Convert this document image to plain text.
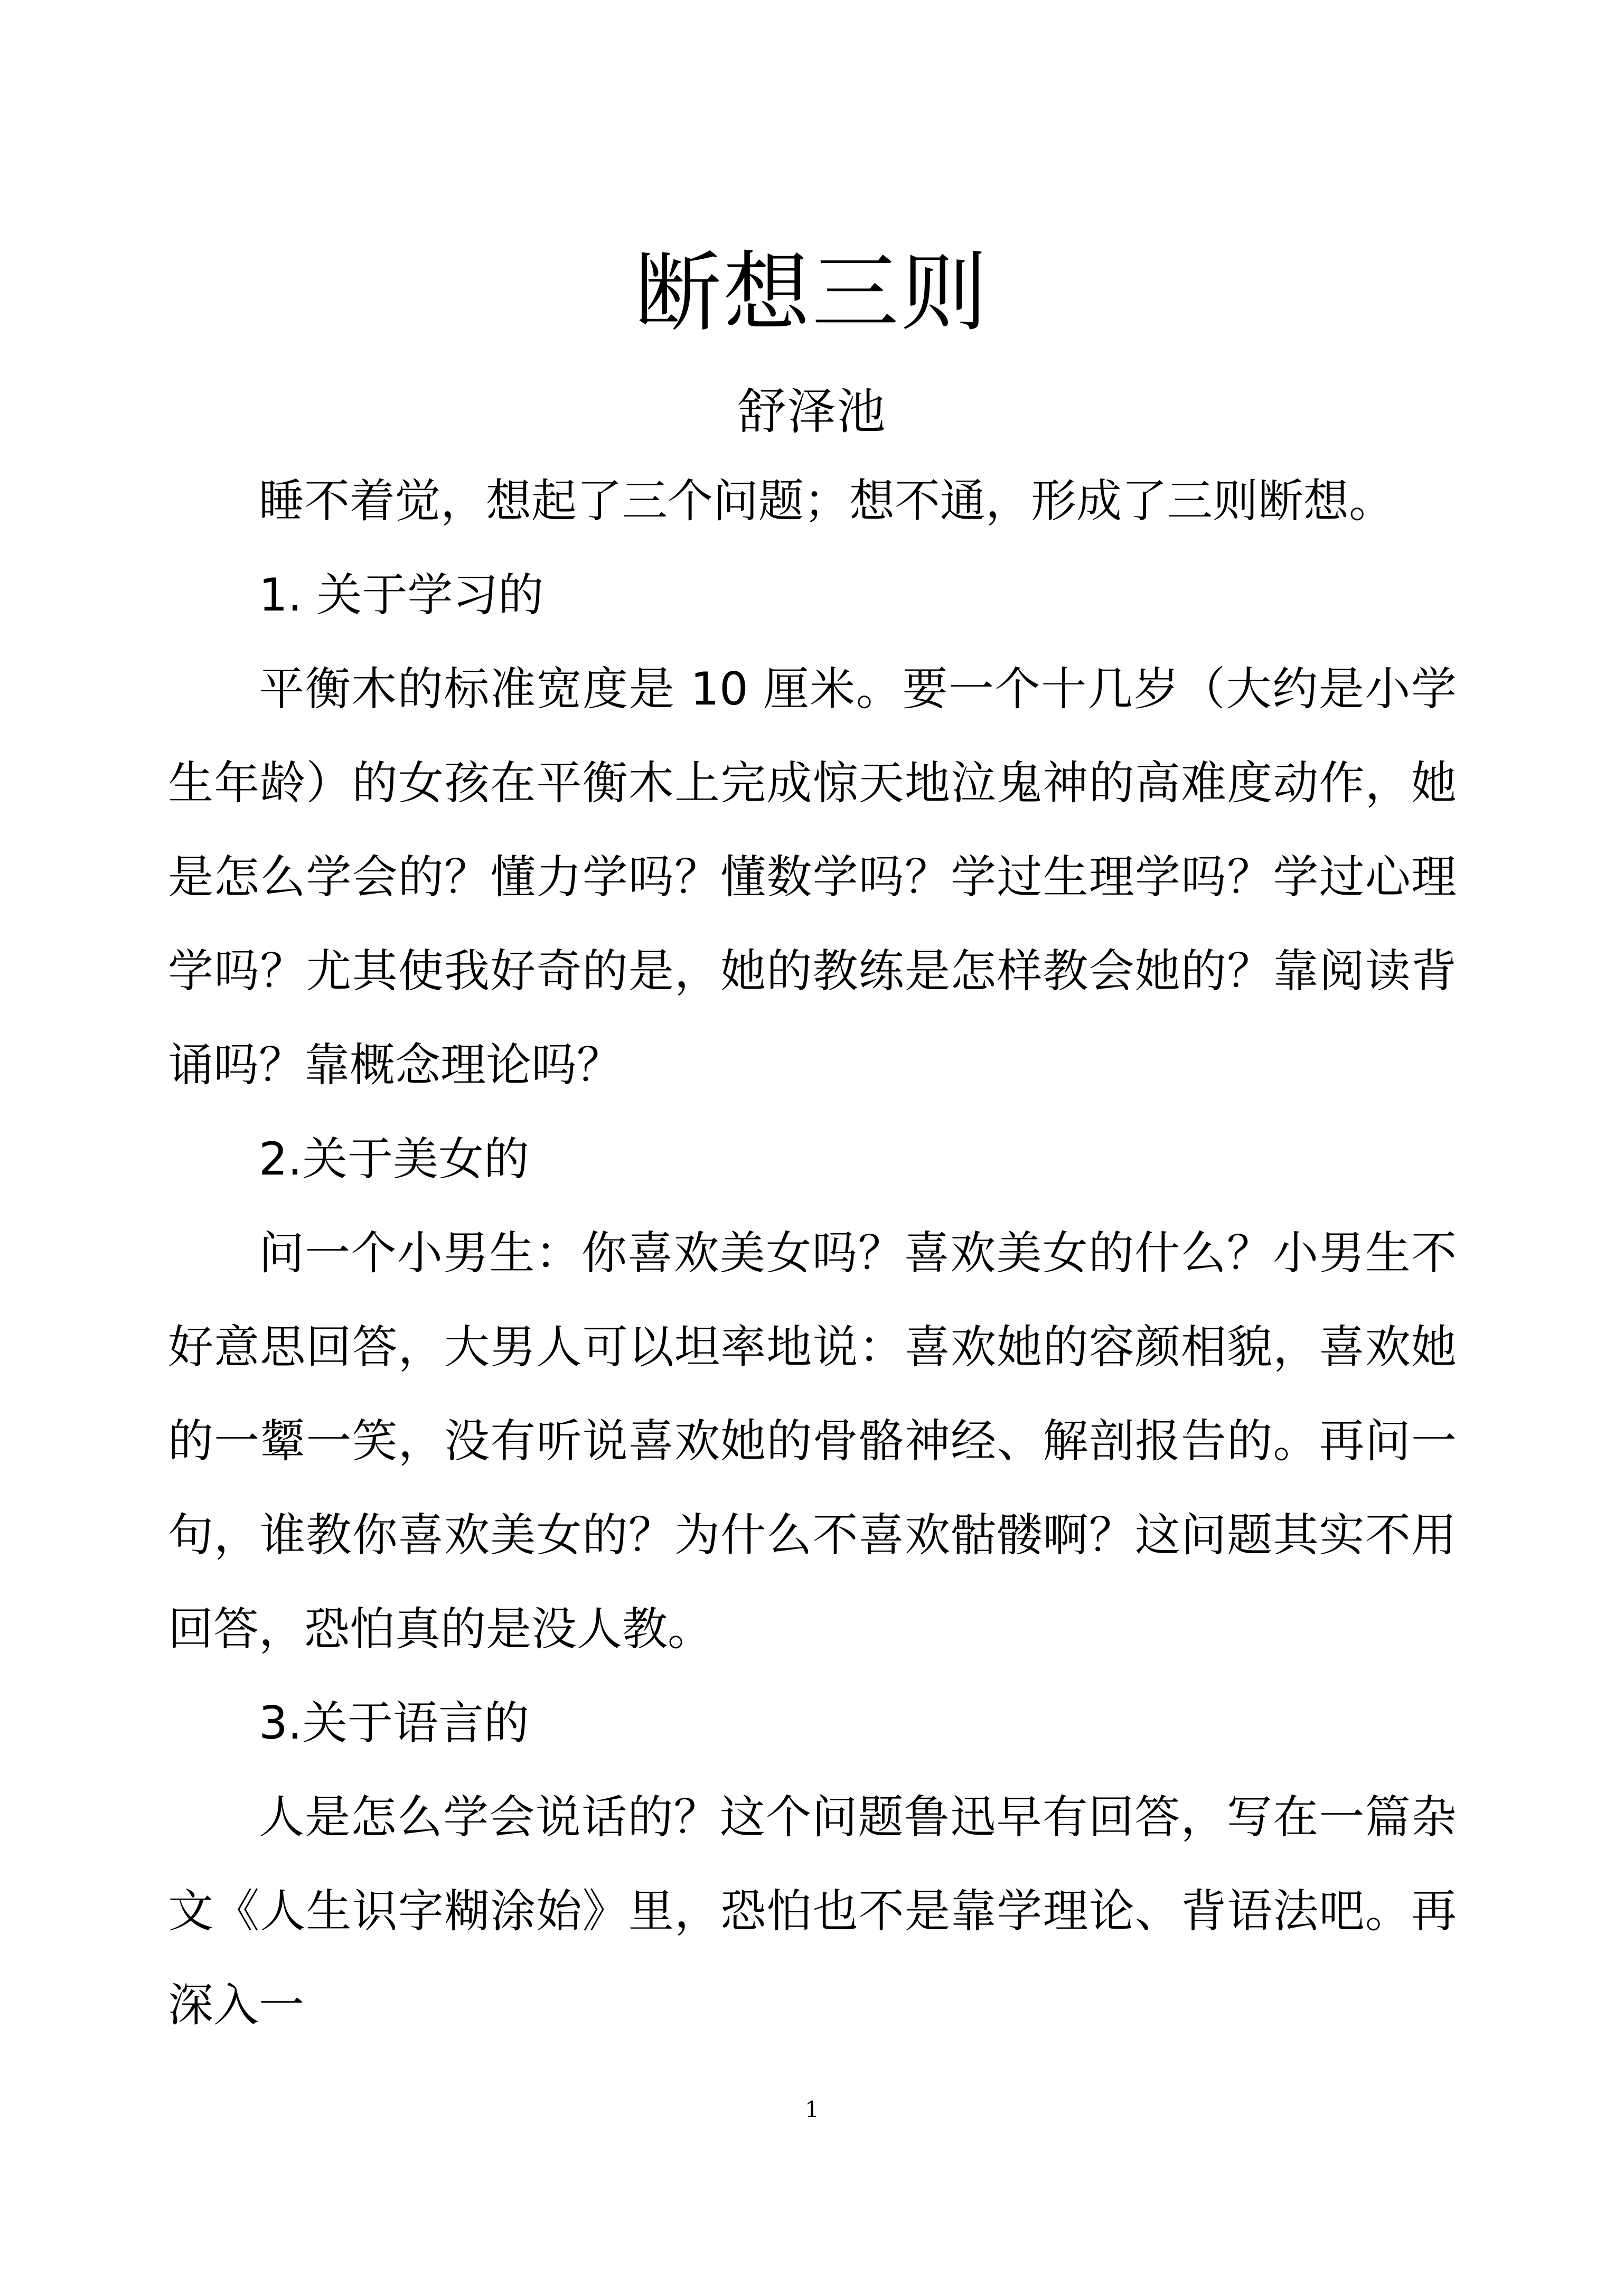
断想三则
舒泽池

睡不着觉，想起了三个问题；想不通，形成了三则断想。

1. 关于学习的

平衡木的标准宽度是 10 厘米。要一个十几岁（大约是小学生年龄）的女孩在平衡木上完成惊天地泣鬼神的高难度动作，她是怎么学会的？懂力学吗？懂数学吗？学过生理学吗？学过心理学吗？尤其使我好奇的是，她的教练是怎样教会她的？靠阅读背诵吗？靠概念理论吗？

2.关于美女的

问一个小男生：你喜欢美女吗？喜欢美女的什么？小男生不好意思回答，大男人可以坦率地说：喜欢她的容颜相貌，喜欢她的一颦一笑，没有听说喜欢她的骨骼神经、解剖报告的。再问一句，谁教你喜欢美女的？为什么不喜欢骷髅啊？这问题其实不用回答，恐怕真的是没人教。

3.关于语言的

人是怎么学会说话的？这个问题鲁迅早有回答，写在一篇杂文《人生识字糊涂始》里，恐怕也不是靠学理论、背语法吧。再深入一

1
